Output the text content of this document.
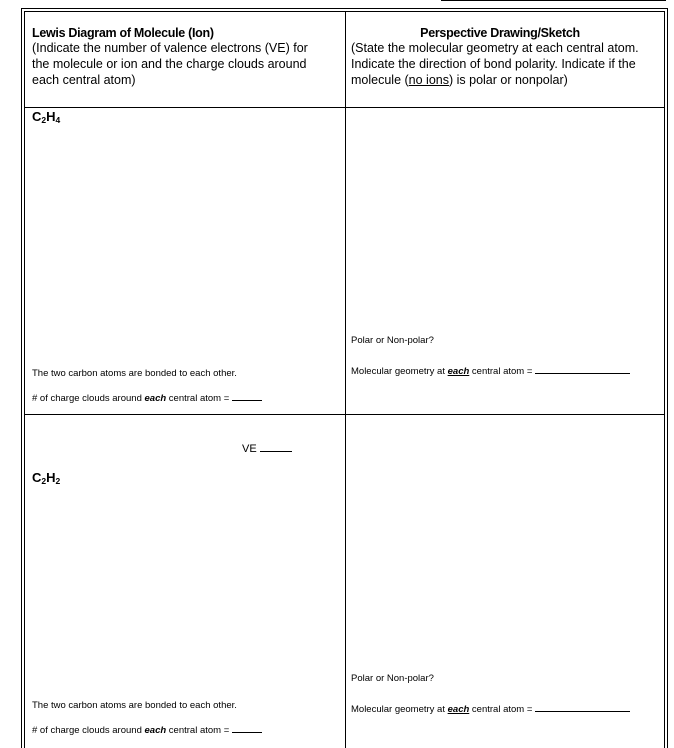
Lewis Diagram of Molecule (Ion)
(Indicate the number of valence electrons (VE) for
the molecule or ion and the charge clouds around
each central atom)
Perspective Drawing/Sketch
(State the molecular geometry at each central atom.
Indicate the direction of bond polarity. Indicate if the
molecule (no ions) is polar or nonpolar)
$C_2H_4$
The two carbon atoms are bonded to each other.
# of charge clouds around each central atom =
Polar or Non-polar?
Molecular geometry at each central atom =
VE
$C_2H_2$
The two carbon atoms are bonded to each other.
# of charge clouds around each central atom =
Polar or Non-polar?
Molecular geometry at each central atom =
